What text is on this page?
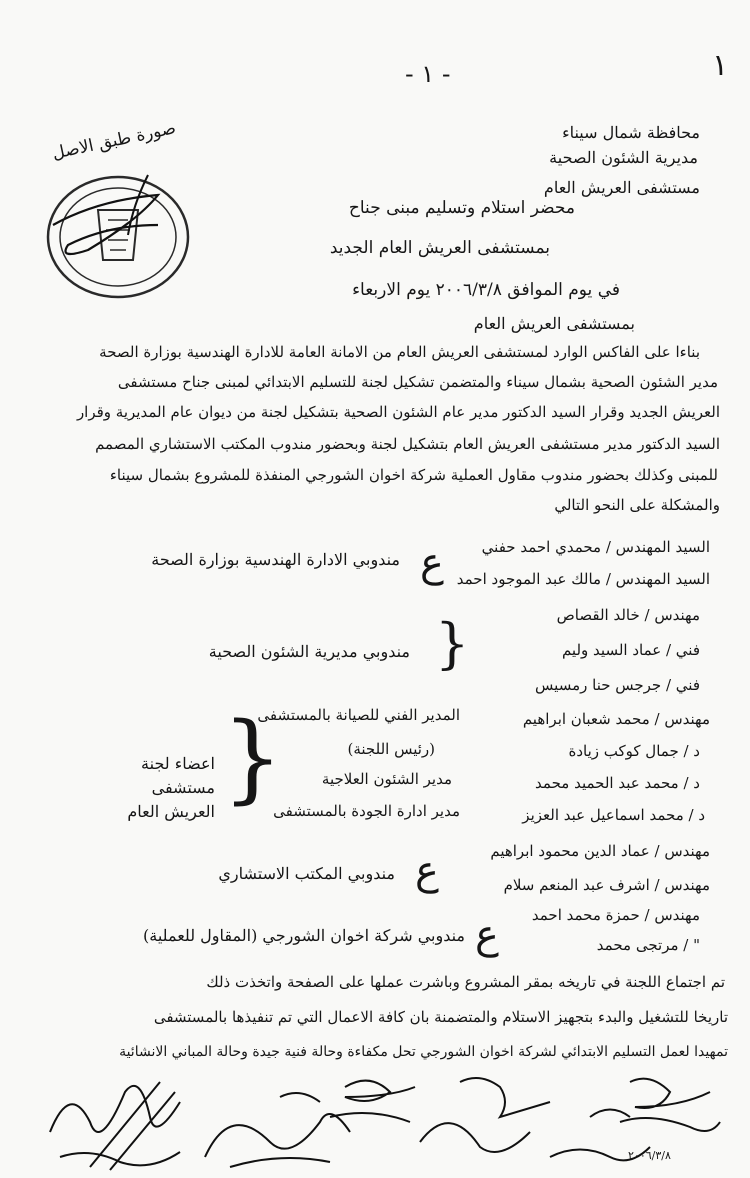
- ١ -	١
محافظة شمال سيناء
مديرية الشئون الصحية
مستشفى العريش العام
صورة طبق الاصل
محضر استلام وتسليم مبنى جناح
بمستشفى العريش العام الجديد
في يوم الموافق ٢٠٠٦/٣/٨ يوم الاربعاء
بمستشفى العريش العام
بناءا على الفاكس الوارد لمستشفى العريش العام من الامانة العامة للادارة الهندسية بوزارة الصحة
مدير الشئون الصحية بشمال سيناء والمتضمن تشكيل لجنة للتسليم الابتدائي لمبنى جناح مستشفى
العريش الجديد وقرار السيد الدكتور مدير عام الشئون الصحية بتشكيل لجنة من ديوان عام المديرية وقرار
السيد الدكتور مدير مستشفى العريش العام بتشكيل لجنة وبحضور مندوب المكتب الاستشاري المصمم
للمبنى وكذلك بحضور مندوب مقاول العملية شركة اخوان الشورجي المنفذة للمشروع بشمال سيناء
والمشكلة على النحو التالي
السيد المهندس / محمدي احمد حفني
السيد المهندس / مالك عبد الموجود احمد
ﻉ
مندوبي الادارة الهندسية بوزارة الصحة
مهندس / خالد القصاص
فني / عماد السيد وليم
فني / جرجس حنا رمسيس
{
مندوبي مديرية الشئون الصحية
مهندس / محمد شعبان ابراهيم
د / جمال كوكب زيادة
د / محمد عبد الحميد محمد
د / محمد اسماعيل عبد العزيز
المدير الفني للصيانة بالمستشفى
(رئيس اللجنة)
مدير الشئون العلاجية
مدير ادارة الجودة بالمستشفى
{
اعضاء لجنة مستشفى العريش العام
مهندس / عماد الدين محمود ابراهيم
مهندس / اشرف عبد المنعم سلام
ﻉ
مندوبي المكتب الاستشاري
مهندس / حمزة محمد احمد
" / مرتجى محمد
ﻉ
مندوبي شركة اخوان الشورجي (المقاول للعملية)
تم اجتماع اللجنة في تاريخه بمقر المشروع وباشرت عملها على الصفحة واتخذت ذلك
تاريخا للتشغيل والبدء بتجهيز الاستلام والمتضمنة بان كافة الاعمال التي تم تنفيذها بالمستشفى
تمهيدا لعمل التسليم الابتدائي لشركة اخوان الشورجي تحل مكفاءة وحالة فنية جيدة وحالة المباني الانشائية
٢٠٠٦/٣/٨
